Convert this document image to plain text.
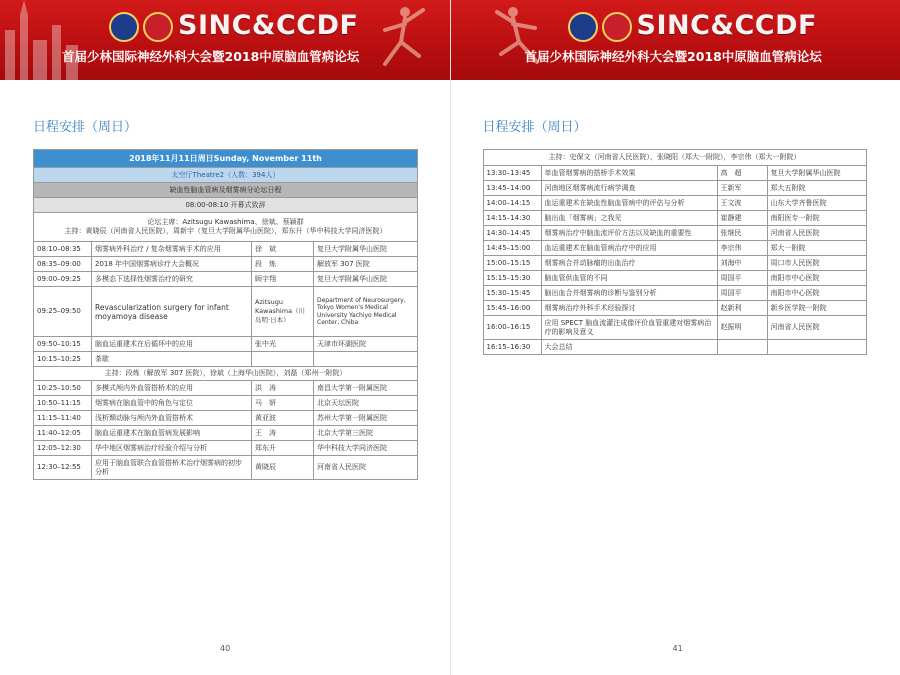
SINC&CCDF
首届少林国际神经外科大会暨2018中原脑血管病论坛
日程安排（周日）
2018年11月11日周日Sunday, November 11th			
太空厅Theatre2（人数：394人）			
缺血性脑血管病及烟雾病分论坛日程			
08:00-08:10 开幕式致辞			

论坛主席：Azitsugu Kawashima、徐斌、蔡颖群
主持：黄晓辰（河南省人民医院），周新宇（复旦大学附属华山医院），郑东升（华中科技大学同济医院）			

08:10–08:35	烟雾病外科治疗 / 复杂烟雾病手术的应用	徐　斌	复旦大学附属华山医院
08:35–09:00	2018 年中国烟雾病诊疗大会概况	段　炼	解放军 307 医院
09:00–09:25	多模态下选择性烟雾治疗的研究	顾宇翔	复旦大学附属华山医院
09:25–09:50	Revascularization surgery for infant moyamoya disease	Azitsugu Kawashima（川岛明·日本）	Department of Neurosurgery, Tokyo Women's Medical University Yachiyo Medical Center, Chiba
09:50–10:15	脑血运重建术在后循环中的应用	张中光	天津市环湖医院
10:15–10:25	茶歇		
主持：段炼（解放军 307 医院），徐斌（上海华山医院），刘磊（郑州一附院）			
10:25–10:50	多模式颅内外血管搭桥术的应用	洪　涛	南昌大学第一附属医院
10:50–11:15	烟雾病在脑血管中的角色与定位	马　妍	北京天坛医院
11:15–11:40	浅析颞动脉与颅内外血管搭桥术	黄亚波	苏州大学第一附属医院
11:40–12:05	脑血运重建术在脑血管病发展影响	王　涛	北京大学第三医院
12:05–12:30	华中地区烟雾病治疗经验介绍与分析	郑东升	华中科技大学同济医院
12:30–12:55	应用于脑血管联合血管搭桥术治疗烟雾病的初步分析	黄晓辰	河南省人民医院
40
SINC&CCDF
首届少林国际神经外科大会暨2018中原脑血管病论坛
日程安排（周日）
主持：史保文（河南省人民医院），张晓阳（郑大一附院），李宗伟（郑大一附院）			
13:30–13:45	单血管烟雾病的搭桥手术效果	高　超	复旦大学附属华山医院
13:45–14:00	河南地区烟雾病流行病学调查	王新军	郑大五附院
14:00–14:15	血运重建术在缺血性脑血管病中的评估与分析	王文波	山东大学齐鲁医院
14:15–14:30	脑出血「烟雾病」之我见	崔静建	南阳医专一附院
14:30–14:45	烟雾病治疗中脑血流评价方法以及缺血的重要性	张继民	河南省人民医院
14:45–15:00	血运重建术在脑血管病治疗中的应用	李宗伟	郑大一附院
15:00–15:15	烟雾病合并动脉瘤的出血治疗	刘海中	周口市人民医院
15:15–15:30	脑血管供血管的不同	周国平	南阳市中心医院
15:30–15:45	脑出血合并烟雾病的诊断与鉴别分析	周国平	南阳市中心医院
15:45–16:00	烟雾病治疗外科手术经验探讨	赵新利	新乡医学院一附院
16:00–16:15	应用 SPECT 脑血流灌注成像评价血管重建对烟雾病治疗的影响及意义	赵振明	河南省人民医院
16:15–16:30	大会总结		
41
